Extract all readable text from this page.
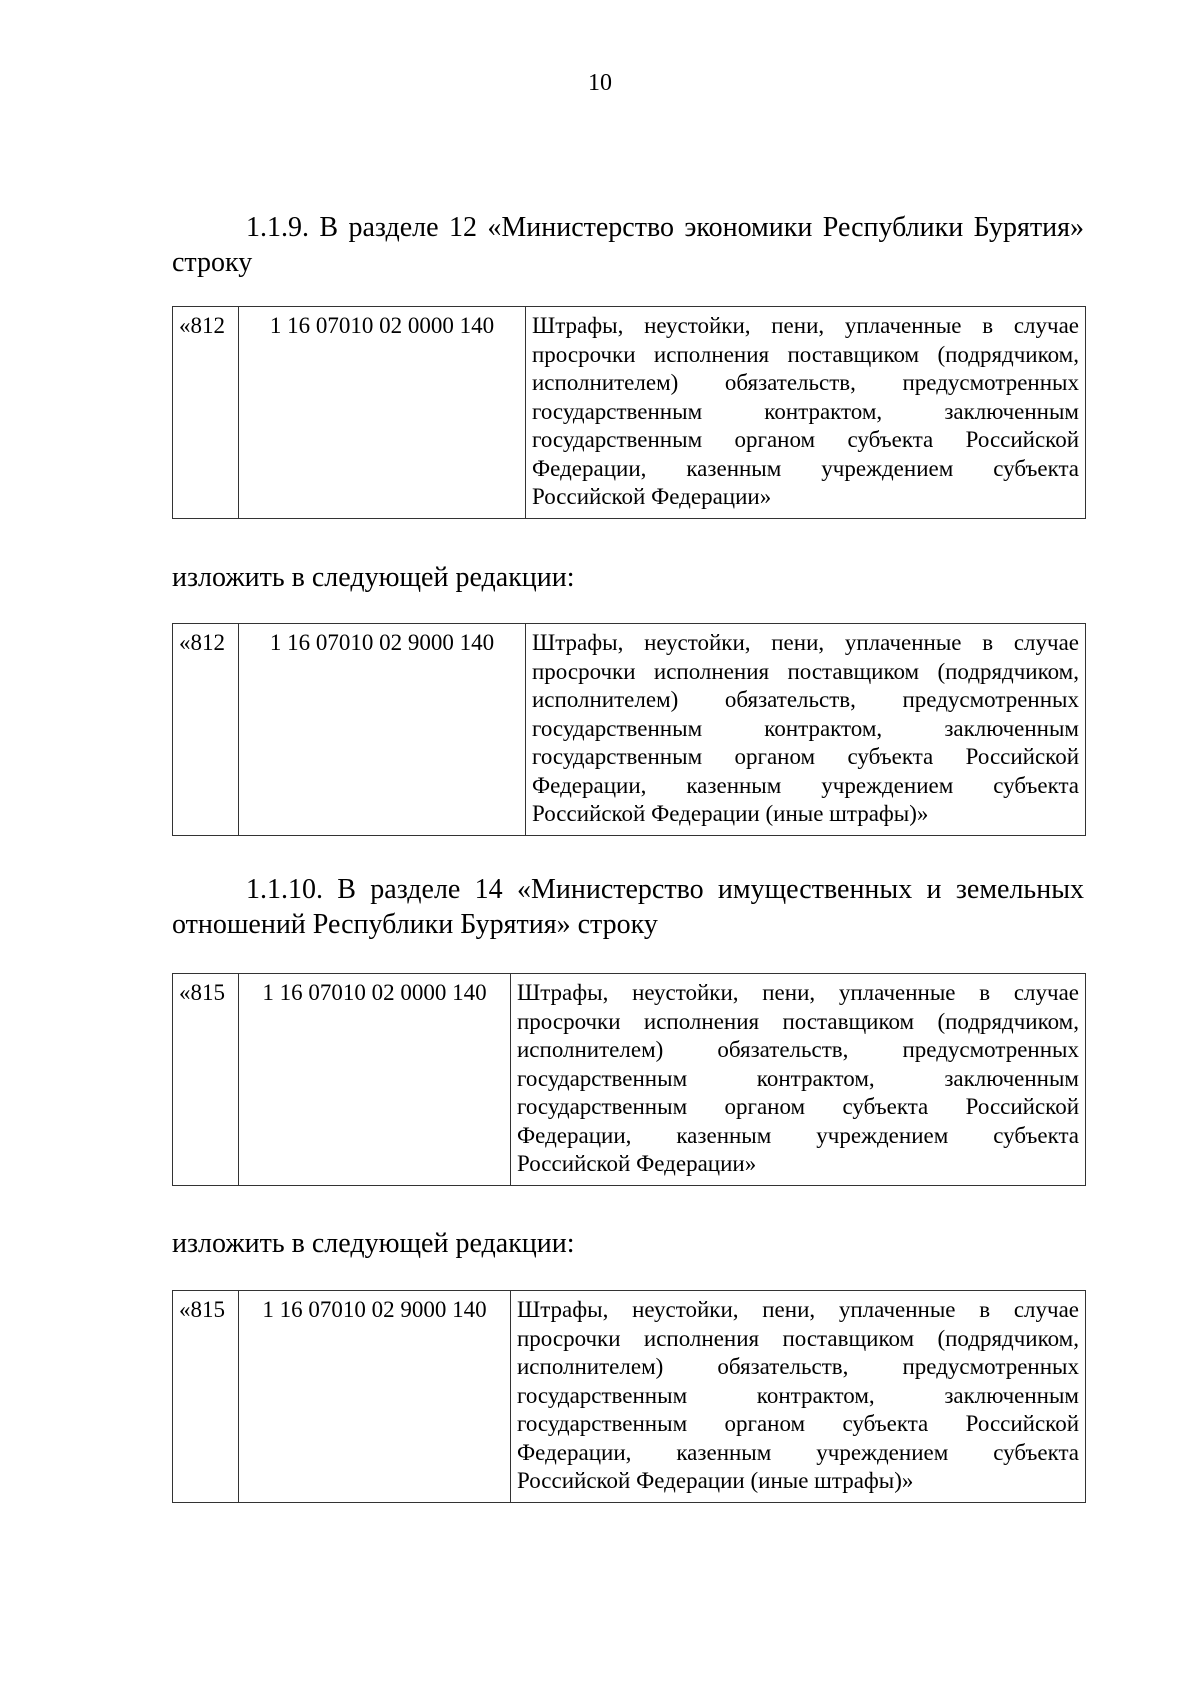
10
1.1.9. В разделе 12 «Министерство экономики Республики Бурятия» строку
«812	1 16 07010 02 0000 140	Штрафы, неустойки, пени, уплаченные в случае просрочки исполнения поставщиком (подрядчиком, исполнителем) обязательств, предусмотренных государственным контрактом, заключенным государственным органом субъекта Российской Федерации, казенным учреждением субъекта Российской Федерации»
изложить в следующей редакции:
«812	1 16 07010 02 9000 140	Штрафы, неустойки, пени, уплаченные в случае просрочки исполнения поставщиком (подрядчиком, исполнителем) обязательств, предусмотренных государственным контрактом, заключенным государственным органом субъекта Российской Федерации, казенным учреждением субъекта Российской Федерации (иные штрафы)»
1.1.10. В разделе 14 «Министерство имущественных и земельных отношений Республики Бурятия» строку
«815	1 16 07010 02 0000 140	Штрафы, неустойки, пени, уплаченные в случае просрочки исполнения поставщиком (подрядчиком, исполнителем) обязательств, предусмотренных государственным контрактом, заключенным государственным органом субъекта Российской Федерации, казенным учреждением субъекта Российской Федерации»
изложить в следующей редакции:
«815	1 16 07010 02 9000 140	Штрафы, неустойки, пени, уплаченные в случае просрочки исполнения поставщиком (подрядчиком, исполнителем) обязательств, предусмотренных государственным контрактом, заключенным государственным органом субъекта Российской Федерации, казенным учреждением субъекта Российской Федерации (иные штрафы)»
